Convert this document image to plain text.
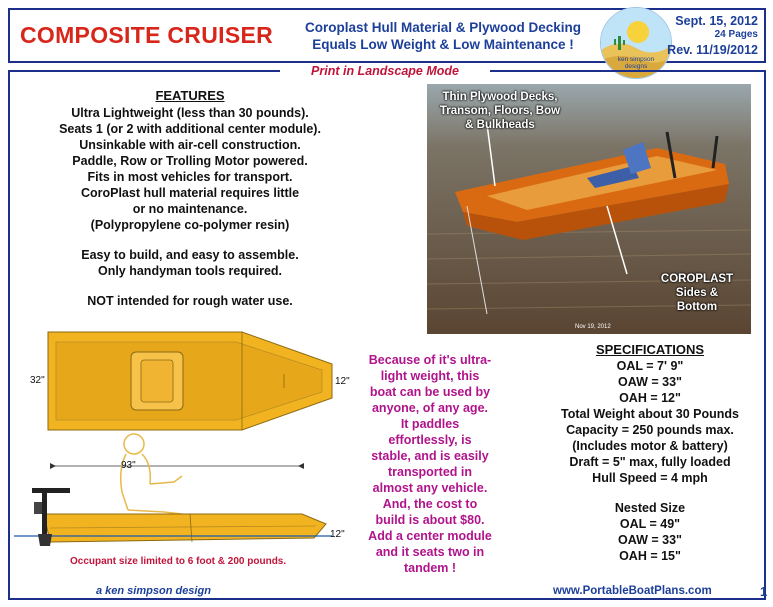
COMPOSITE CRUISER	Coroplast Hull Material & Plywood Decking
Equals Low Weight & Low Maintenance !
ken simpson
designs
Sept. 15, 2012
24 Pages
Rev. 11/19/2012
Print in Landscape Mode
FEATURES
Ultra Lightweight (less than 30 pounds).
Seats 1 (or 2 with additional center module).
Unsinkable with air-cell construction.
Paddle, Row or Trolling Motor powered.
Fits in most vehicles for transport.
CoroPlast hull material requires little
or no maintenance.
(Polypropylene co-polymer resin)
Easy to build, and easy to assemble.
Only handyman tools required.
NOT intended for rough water use.
Thin Plywood Decks,
Transom, Floors, Bow
& Bulkheads
COROPLAST
Sides &
Bottom
Nov 19, 2012
32"	12"
93"
12"
Occupant size limited to 6 foot & 200 pounds.
Because of it's ultra-
light weight, this
boat can be used by
anyone, of any age.
It paddles
effortlessly, is
stable, and is easily
transported in
almost any vehicle.
And, the cost to
build is about $80.
Add a center module
and it seats two in
tandem !
SPECIFICATIONS
OAL = 7' 9"
OAW = 33"
OAH = 12"
Total Weight about 30 Pounds
Capacity = 250 pounds max.
(Includes motor & battery)
Draft = 5" max, fully loaded
Hull Speed = 4 mph
Nested Size
OAL = 49"
OAW = 33"
OAH = 15"
a ken simpson design	www.PortableBoatPlans.com	1
